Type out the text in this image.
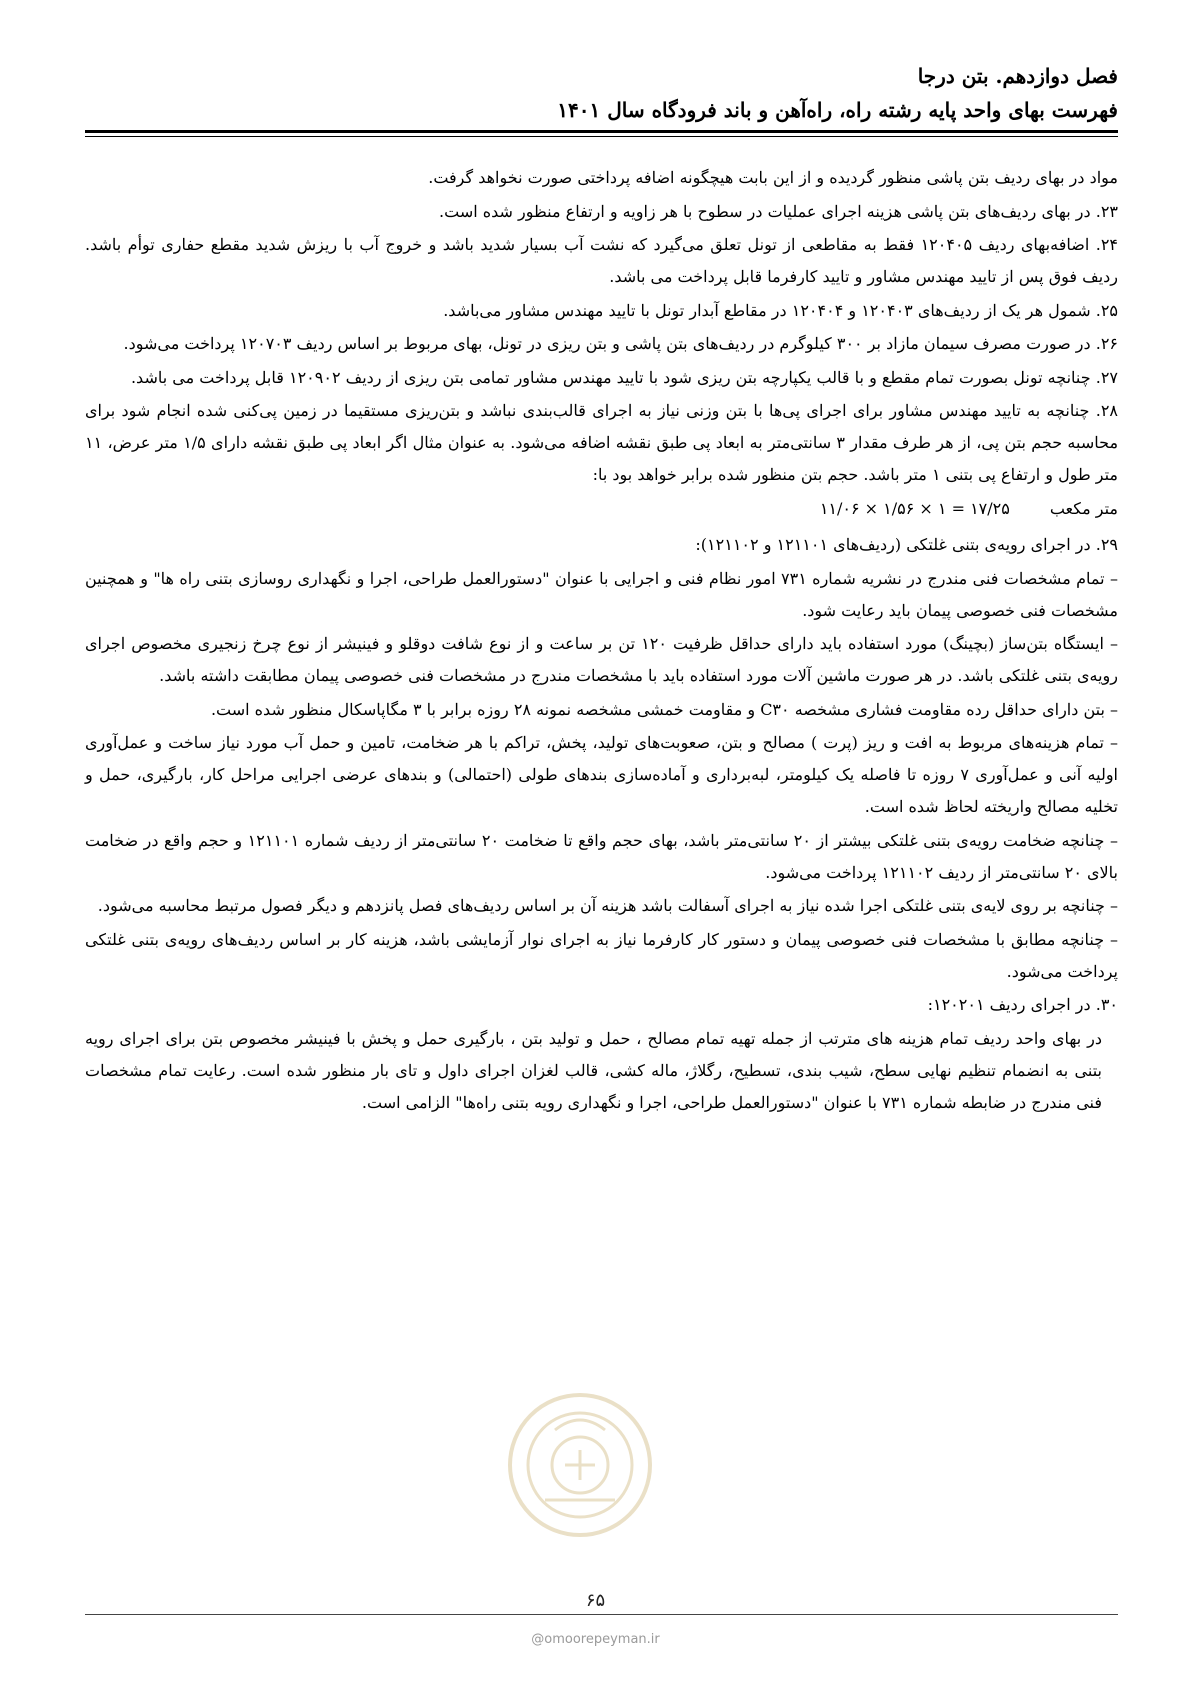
فصل دوازدهم. بتن درجا
فهرست بهای واحد پایه رشته راه، راه‌آهن و باند فرودگاه سال ۱۴۰۱

مواد در بهای ردیف بتن پاشی منظور گردیده و از این بابت هیچگونه اضافه پرداختی صورت نخواهد گرفت.

۲۳. در بهای ردیف‌های بتن پاشی هزینه اجرای عملیات در سطوح با هر زاویه و ارتفاع منظور شده است.

۲۴. اضافه‌بهای ردیف ۱۲۰۴۰۵ فقط به مقاطعی از تونل تعلق می‌گیرد که نشت آب بسیار شدید باشد و خروج آب با ریزش شدید مقطع حفاری توأم باشد. ردیف فوق پس از تایید مهندس مشاور و تایید کارفرما قابل پرداخت می باشد.

۲۵. شمول هر یک از ردیف‌های ۱۲۰۴۰۳ و ۱۲۰۴۰۴ در مقاطع آبدار تونل با تایید مهندس مشاور می‌باشد.

۲۶. در صورت مصرف سیمان مازاد بر ۳۰۰ کیلوگرم در ردیف‌های بتن پاشی و بتن ریزی در تونل، بهای مربوط بر اساس ردیف ۱۲۰۷۰۳ پرداخت می‌شود.

۲۷. چنانچه تونل بصورت تمام مقطع و با قالب یکپارچه بتن ریزی شود با تایید مهندس مشاور تمامی بتن ریزی از ردیف ۱۲۰۹۰۲ قابل پرداخت می باشد.

۲۸. چنانچه به تایید مهندس مشاور برای اجرای پی‌ها با بتن وزنی نیاز به اجرای قالب‌بندی نباشد و بتن‌ریزی مستقیما در زمین پی‌کنی شده انجام شود برای محاسبه حجم بتن پی، از هر طرف مقدار ۳ سانتی‌متر به ابعاد پی طبق نقشه اضافه می‌شود. به عنوان مثال اگر ابعاد پی طبق نقشه دارای ۱/۵ متر عرض، ۱۱ متر طول و ارتفاع پی بتنی ۱ متر باشد. حجم بتن منظور شده برابر خواهد بود با:

متر مکعب
۱۷/۲۵ = ۱ × ۱/۵۶ × ۱۱/۰۶

۲۹. در اجرای رویه‌ی بتنی غلتکی (ردیف‌های ۱۲۱۱۰۱ و ۱۲۱۱۰۲):

– تمام مشخصات فنی مندرج در نشریه شماره ۷۳۱ امور نظام فنی و اجرایی با عنوان "دستورالعمل طراحی، اجرا و نگهداری روسازی بتنی راه ها" و همچنین مشخصات فنی خصوصی پیمان باید رعایت شود.

– ایستگاه بتن‌ساز (بچینگ) مورد استفاده باید دارای حداقل ظرفیت ۱۲۰ تن بر ساعت و از نوع شافت دوقلو و فینیشر از نوع چرخ زنجیری مخصوص اجرای رویه‌ی بتنی غلتکی باشد. در هر صورت ماشین آلات مورد استفاده باید با مشخصات مندرج در مشخصات فنی خصوصی پیمان مطابقت داشته باشد.

– بتن دارای حداقل رده مقاومت فشاری مشخصه C۳۰ و مقاومت خمشی مشخصه نمونه ۲۸ روزه برابر با ۳ مگاپاسکال منظور شده است.

– تمام هزینه‌های مربوط به افت و ریز (پرت ) مصالح و بتن، صعوبت‌های تولید، پخش، تراکم با هر ضخامت، تامین و حمل آب مورد نیاز ساخت و عمل‌آوری اولیه آنی و عمل‌آوری ۷ روزه تا فاصله یک کیلومتر، لبه‌برداری و آماده‌سازی بندهای طولی (احتمالی) و بندهای عرضی اجرایی مراحل کار، بارگیری، حمل و تخلیه مصالح واریخته لحاظ شده است.

– چنانچه ضخامت رویه‌ی بتنی غلتکی بیشتر از ۲۰ سانتی‌متر باشد، بهای حجم واقع تا ضخامت ۲۰ سانتی‌متر از ردیف شماره ۱۲۱۱۰۱ و حجم واقع در ضخامت بالای ۲۰ سانتی‌متر از ردیف ۱۲۱۱۰۲ پرداخت می‌شود.

– چنانچه بر روی لایه‌ی بتنی غلتکی اجرا شده نیاز به اجرای آسفالت باشد هزینه آن بر اساس ردیف‌های فصل پانزدهم و دیگر فصول مرتبط محاسبه می‌شود.

– چنانچه مطابق با مشخصات فنی خصوصی پیمان و دستور کار کارفرما نیاز به اجرای نوار آزمایشی باشد، هزینه کار بر اساس ردیف‌های رویه‌ی بتنی غلتکی پرداخت می‌شود.

۳۰. در اجرای ردیف ۱۲۰۲۰۱:

در بهای واحد ردیف تمام هزینه های مترتب از جمله تهیه تمام مصالح ، حمل و تولید بتن ، بارگیری حمل و پخش با فینیشر مخصوص بتن برای اجرای رویه بتنی به انضمام تنظیم نهایی سطح، شیب بندی، تسطیح، رگلاژ، ماله کشی، قالب لغزان اجرای داول و تای بار منظور شده است. رعایت تمام مشخصات فنی مندرج در ضابطه شماره ۷۳۱ با عنوان "دستورالعمل طراحی، اجرا و نگهداری رویه بتنی راه‌ها" الزامی است.

۶۵
@omoorepeyman.ir
